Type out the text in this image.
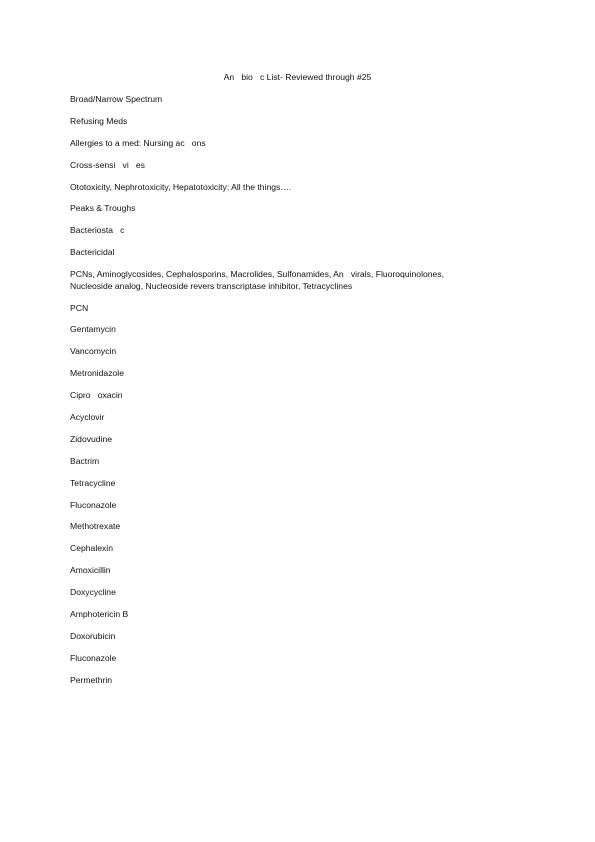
An   bio   c List- Reviewed through #25
Broad/Narrow Spectrum
Refusing Meds
Allergies to a med: Nursing ac   ons
Cross-sensi   vi   es
Ototoxicity, Nephrotoxicity, Hepatotoxicity: All the things….
Peaks & Troughs
Bacteriosta   c
Bactericidal
PCNs, Aminoglycosides, Cephalosporins, Macrolides, Sulfonamides, An   virals, Fluoroquinolones,
Nucleoside analog, Nucleoside revers transcriptase inhibitor, Tetracyclines
PCN
Gentamycin
Vancomycin
Metronidazole
Cipro   oxacin
Acyclovir
Zidovudine
Bactrim
Tetracycline
Fluconazole
Methotrexate
Cephalexin
Amoxicillin
Doxycycline
Amphotericin B
Doxorubicin
Fluconazole
Permethrin
